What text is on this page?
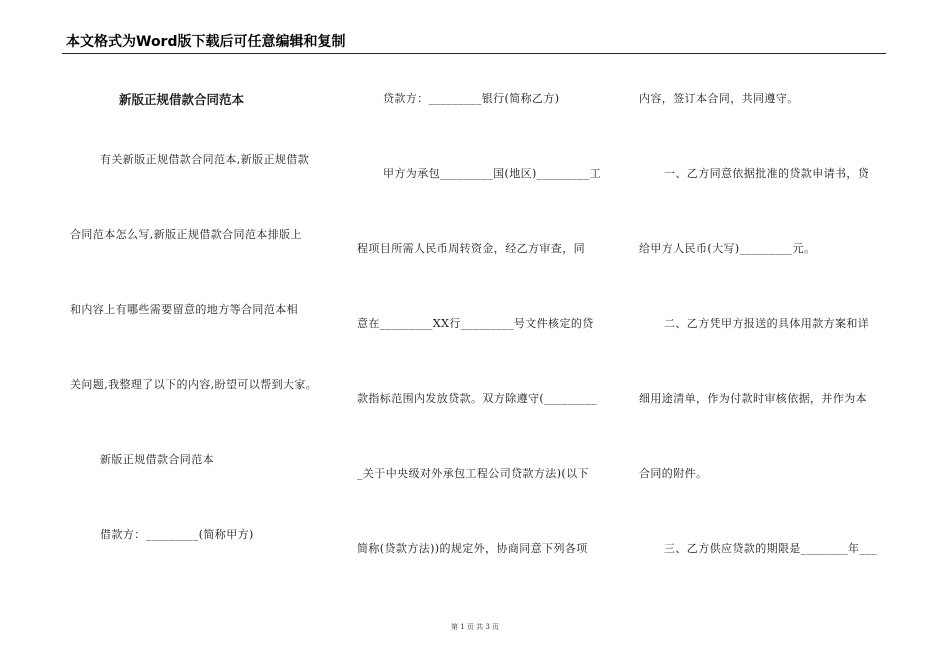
本文格式为Word版下载后可任意编辑和复制
新版正规借款合同范本
有关新版正规借款合同范本,新版正规借款
合同范本怎么写,新版正规借款合同范本排版上
和内容上有哪些需要留意的地方等合同范本相
关问题,我整理了以下的内容,盼望可以帮到大家。
新版正规借款合同范本
借款方：_________(简称甲方)
贷款方：_________银行(简称乙方)
甲方为承包_________国(地区)_________工
程项目所需人民币周转资金，经乙方审查，同
意在_________XX行_________号文件核定的贷
款指标范围内发放贷款。双方除遵守(_________
_关于中央级对外承包工程公司贷款方法)(以下
简称(贷款方法))的规定外，协商同意下列各项
内容，签订本合同，共同遵守。
一、乙方同意依据批准的贷款申请书，贷
给甲方人民币(大写)_________元。
二、乙方凭甲方报送的具体用款方案和详
细用途清单，作为付款时审核依据，并作为本
合同的附件。
三、乙方供应贷款的期限是________年___
第 1 页 共 3 页
